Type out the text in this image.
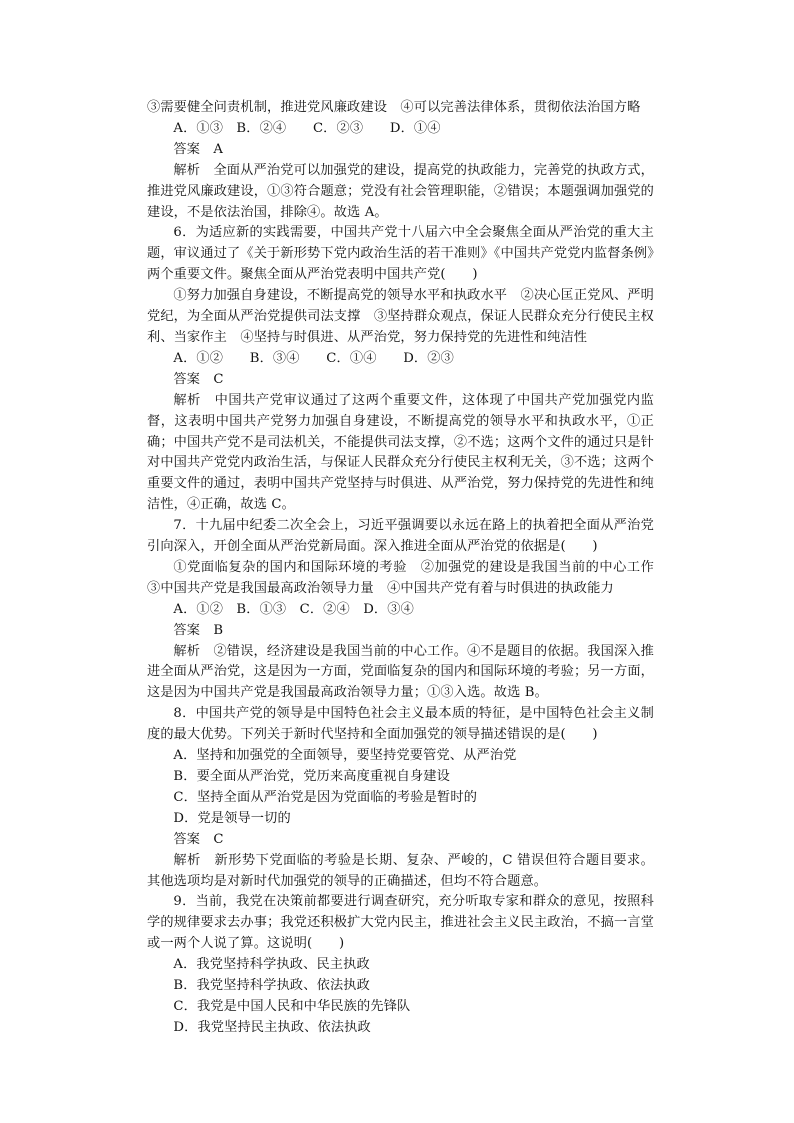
③需要健全问责机制，推进党风廉政建设　④可以完善法律体系，贯彻依法治国方略

A．①③　B．②④　　C．②③　　D．①④

答案　A

解析　全面从严治党可以加强党的建设，提高党的执政能力，完善党的执政方式，推进党风廉政建设，①③符合题意；党没有社会管理职能，②错误；本题强调加强党的建设，不是依法治国，排除④。故选 A。

6．为适应新的实践需要，中国共产党十八届六中全会聚焦全面从严治党的重大主题，审议通过了《关于新形势下党内政治生活的若干准则》《中国共产党党内监督条例》两个重要文件。聚焦全面从严治党表明中国共产党(　　)

①努力加强自身建设，不断提高党的领导水平和执政水平　②决心匡正党风、严明党纪，为全面从严治党提供司法支撑　③坚持群众观点，保证人民群众充分行使民主权利、当家作主　④坚持与时俱进、从严治党，努力保持党的先进性和纯洁性

A．①②　　B．③④　　C．①④　　D．②③

答案　C

解析　中国共产党审议通过了这两个重要文件，这体现了中国共产党加强党内监督，这表明中国共产党努力加强自身建设，不断提高党的领导水平和执政水平，①正确；中国共产党不是司法机关，不能提供司法支撑，②不选；这两个文件的通过只是针对中国共产党党内政治生活，与保证人民群众充分行使民主权利无关，③不选；这两个重要文件的通过，表明中国共产党坚持与时俱进、从严治党，努力保持党的先进性和纯洁性，④正确，故选 C。

7．十九届中纪委二次全会上，习近平强调要以永远在路上的执着把全面从严治党引向深入，开创全面从严治党新局面。深入推进全面从严治党的依据是(　　)

①党面临复杂的国内和国际环境的考验　②加强党的建设是我国当前的中心工作　③中国共产党是我国最高政治领导力量　④中国共产党有着与时俱进的执政能力

A．①②　B．①③　C．②④　D．③④

答案　B

解析　②错误，经济建设是我国当前的中心工作。④不是题目的依据。我国深入推进全面从严治党，这是因为一方面，党面临复杂的国内和国际环境的考验；另一方面，这是因为中国共产党是我国最高政治领导力量；①③入选。故选 B。

8．中国共产党的领导是中国特色社会主义最本质的特征，是中国特色社会主义制度的最大优势。下列关于新时代坚持和全面加强党的领导描述错误的是(　　)

A．坚持和加强党的全面领导，要坚持党要管党、从严治党

B．要全面从严治党，党历来高度重视自身建设

C．坚持全面从严治党是因为党面临的考验是暂时的

D．党是领导一切的

答案　C

解析　新形势下党面临的考验是长期、复杂、严峻的，C 错误但符合题目要求。其他选项均是对新时代加强党的领导的正确描述，但均不符合题意。

9．当前，我党在决策前都要进行调查研究，充分听取专家和群众的意见，按照科学的规律要求去办事；我党还积极扩大党内民主，推进社会主义民主政治，不搞一言堂或一两个人说了算。这说明(　　)

A．我党坚持科学执政、民主执政

B．我党坚持科学执政、依法执政

C．我党是中国人民和中华民族的先锋队

D．我党坚持民主执政、依法执政
